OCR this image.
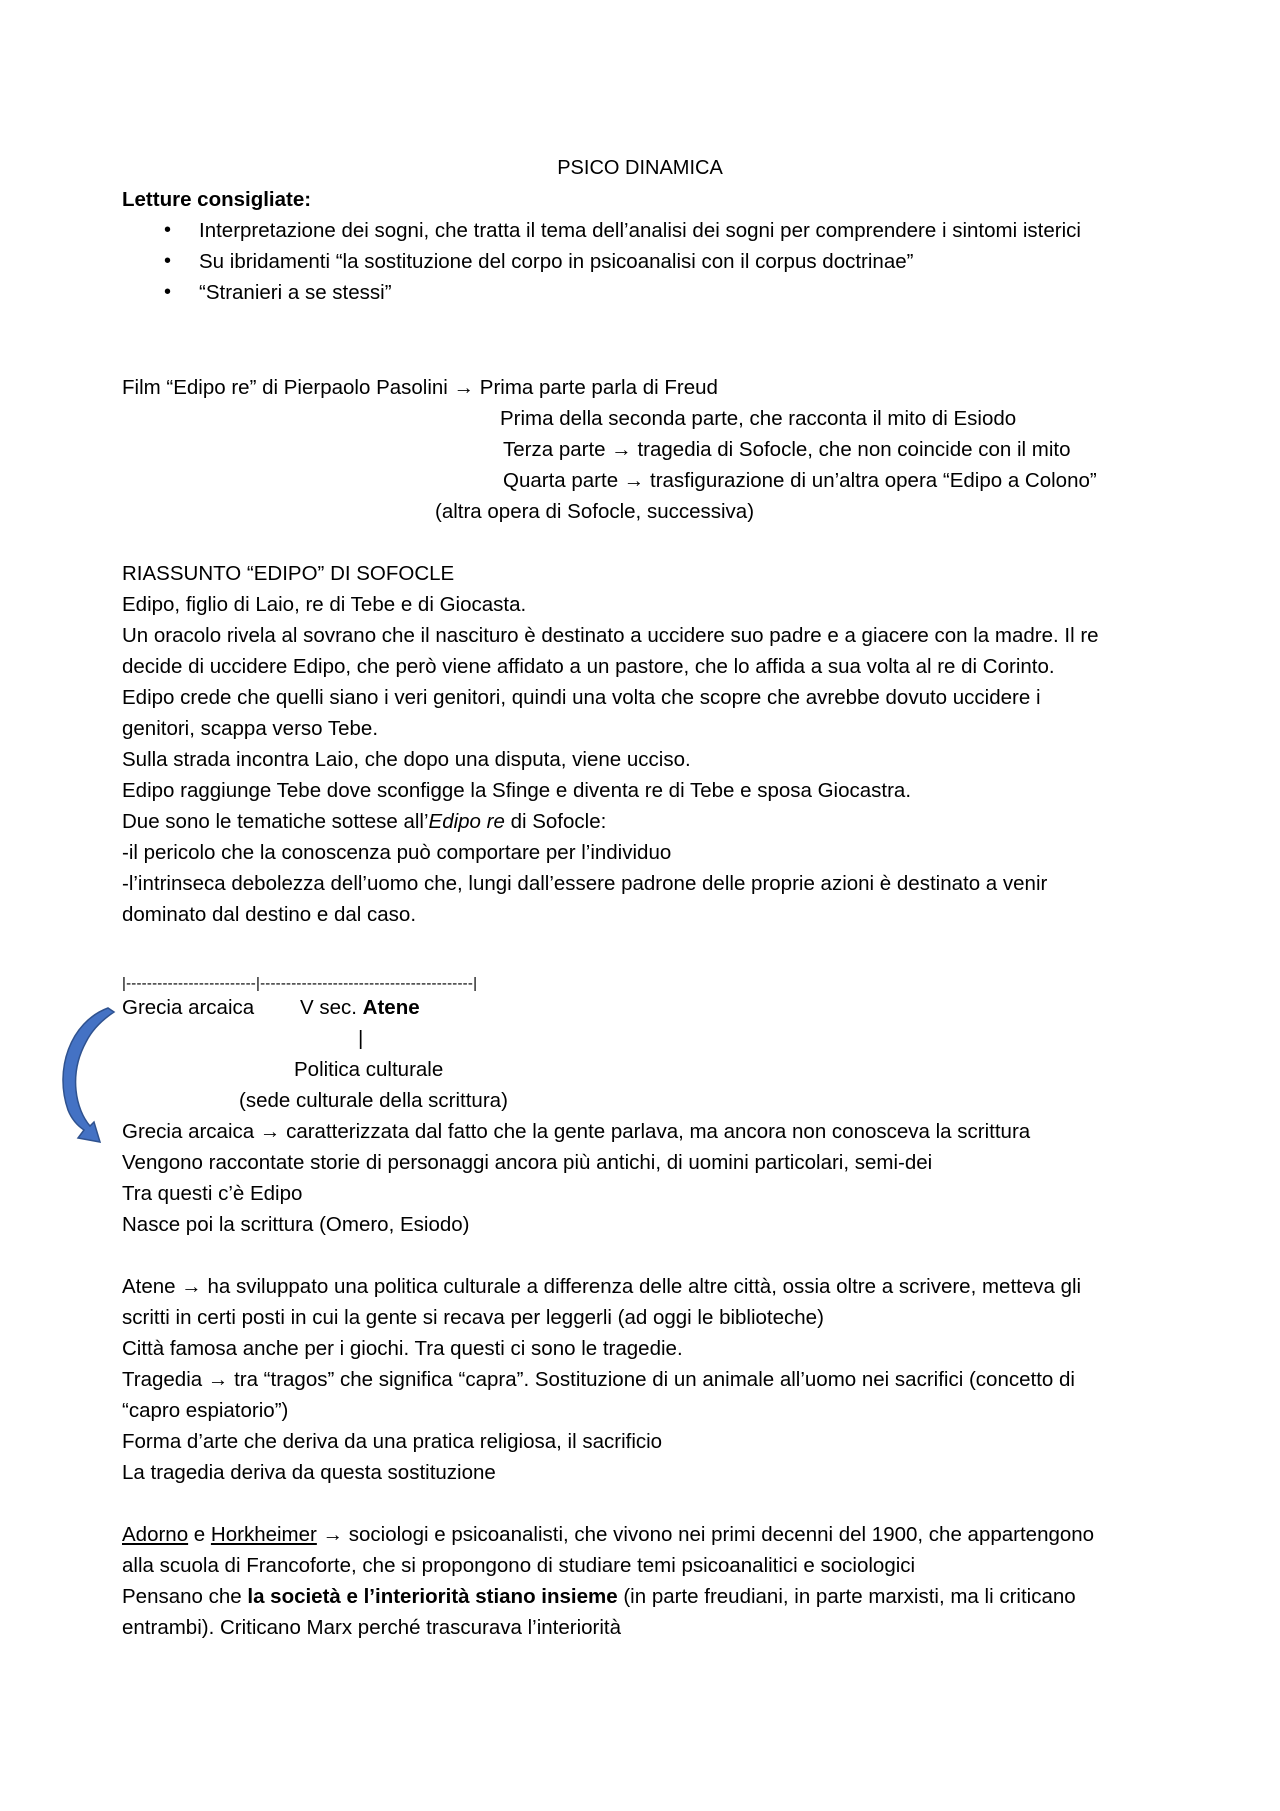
PSICO DINAMICA
Letture consigliate:
• Interpretazione dei sogni, che tratta il tema dell’analisi dei sogni per comprendere i sintomi isterici
• Su ibridamenti “la sostituzione del corpo in psicoanalisi con il corpus doctrinae”
• “Stranieri a se stessi”
Film “Edipo re” di Pierpaolo Pasolini → Prima parte parla di Freud
Prima della seconda parte, che racconta il mito di Esiodo
Terza parte → tragedia di Sofocle, che non coincide con il mito
Quarta parte → trasfigurazione di un’altra opera “Edipo a Colono”
(altra opera di Sofocle, successiva)
RIASSUNTO “EDIPO” DI SOFOCLE
Edipo, figlio di Laio, re di Tebe e di Giocasta.
Un oracolo rivela al sovrano che il nascituro è destinato a uccidere suo padre e a giacere con la madre. Il re
decide di uccidere Edipo, che però viene affidato a un pastore, che lo affida a sua volta al re di Corinto.
Edipo crede che quelli siano i veri genitori, quindi una volta che scopre che avrebbe dovuto uccidere i
genitori, scappa verso Tebe.
Sulla strada incontra Laio, che dopo una disputa, viene ucciso.
Edipo raggiunge Tebe dove sconfigge la Sfinge e diventa re di Tebe e sposa Giocastra.
Due sono le tematiche sottese all’Edipo re di Sofocle:
-il pericolo che la conoscenza può comportare per l’individuo
-l’intrinseca debolezza dell’uomo che, lungi dall’essere padrone delle proprie azioni è destinato a venir
dominato dal destino e dal caso.
|-------------------------|-----------------------------------------|
Grecia arcaica V sec. Atene
|
Politica culturale
(sede culturale della scrittura)
Grecia arcaica → caratterizzata dal fatto che la gente parlava, ma ancora non conosceva la scrittura
Vengono raccontate storie di personaggi ancora più antichi, di uomini particolari, semi-dei
Tra questi c’è Edipo
Nasce poi la scrittura (Omero, Esiodo)
Atene → ha sviluppato una politica culturale a differenza delle altre città, ossia oltre a scrivere, metteva gli
scritti in certi posti in cui la gente si recava per leggerli (ad oggi le biblioteche)
Città famosa anche per i giochi. Tra questi ci sono le tragedie.
Tragedia → tra “tragos” che significa “capra”. Sostituzione di un animale all’uomo nei sacrifici (concetto di
“capro espiatorio”)
Forma d’arte che deriva da una pratica religiosa, il sacrificio
La tragedia deriva da questa sostituzione
Adorno e Horkheimer → sociologi e psicoanalisti, che vivono nei primi decenni del 1900, che appartengono
alla scuola di Francoforte, che si propongono di studiare temi psicoanalitici e sociologici
Pensano che la società e l’interiorità stiano insieme (in parte freudiani, in parte marxisti, ma li criticano
entrambi). Criticano Marx perché trascurava l’interiorità
